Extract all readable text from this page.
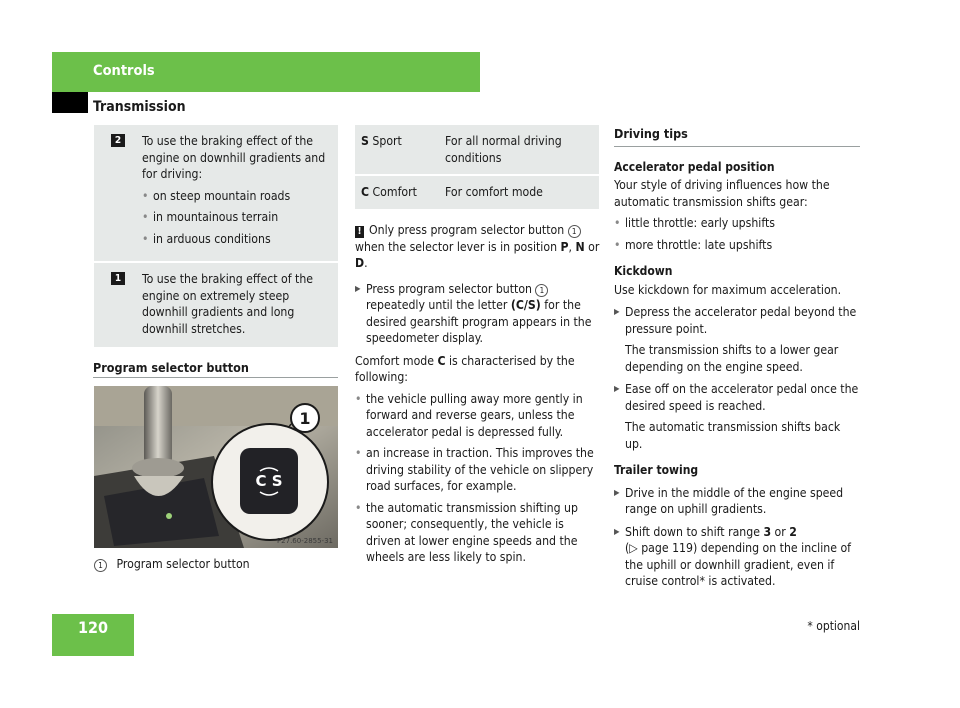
Controls
Transmission
2	To use the braking effect of the engine on downhill gradients and for driving:

• on steep mountain roads
• in mountainous terrain
• in arduous conditions
1	To use the braking effect of the engine on extremely steep downhill gradients and long downhill stretches.

Program selector button
1
C S
P27.60-2855-31
1 Program selector button
S Sport	For all normal driving conditions
C Comfort	For comfort mode

! Only press program selector button 1 when the selector lever is in position P, N or D.

▶ Press program selector button 1 repeatedly until the letter (C/S) for the desired gearshift program appears in the speedometer display.

Comfort mode C is characterised by the following:

• the vehicle pulling away more gently in forward and reverse gears, unless the accelerator pedal is depressed fully.
• an increase in traction. This improves the driving stability of the vehicle on slippery road surfaces, for example.
• the automatic transmission shifting up sooner; consequently, the vehicle is driven at lower engine speeds and the wheels are less likely to spin.
Driving tips

Accelerator pedal position

Your style of driving influences how the automatic transmission shifts gear:

• little throttle: early upshifts
• more throttle: late upshifts

Kickdown

Use kickdown for maximum acceleration.

▶ Depress the accelerator pedal beyond the pressure point.
The transmission shifts to a lower gear depending on the engine speed.
▶ Ease off on the accelerator pedal once the desired speed is reached.
The automatic transmission shifts back up.

Trailer towing

▶ Drive in the middle of the engine speed range on uphill gradients.
▶ Shift down to shift range 3 or 2
(▷ page 119) depending on the incline of the uphill or downhill gradient, even if cruise control* is activated.
120	* optional
